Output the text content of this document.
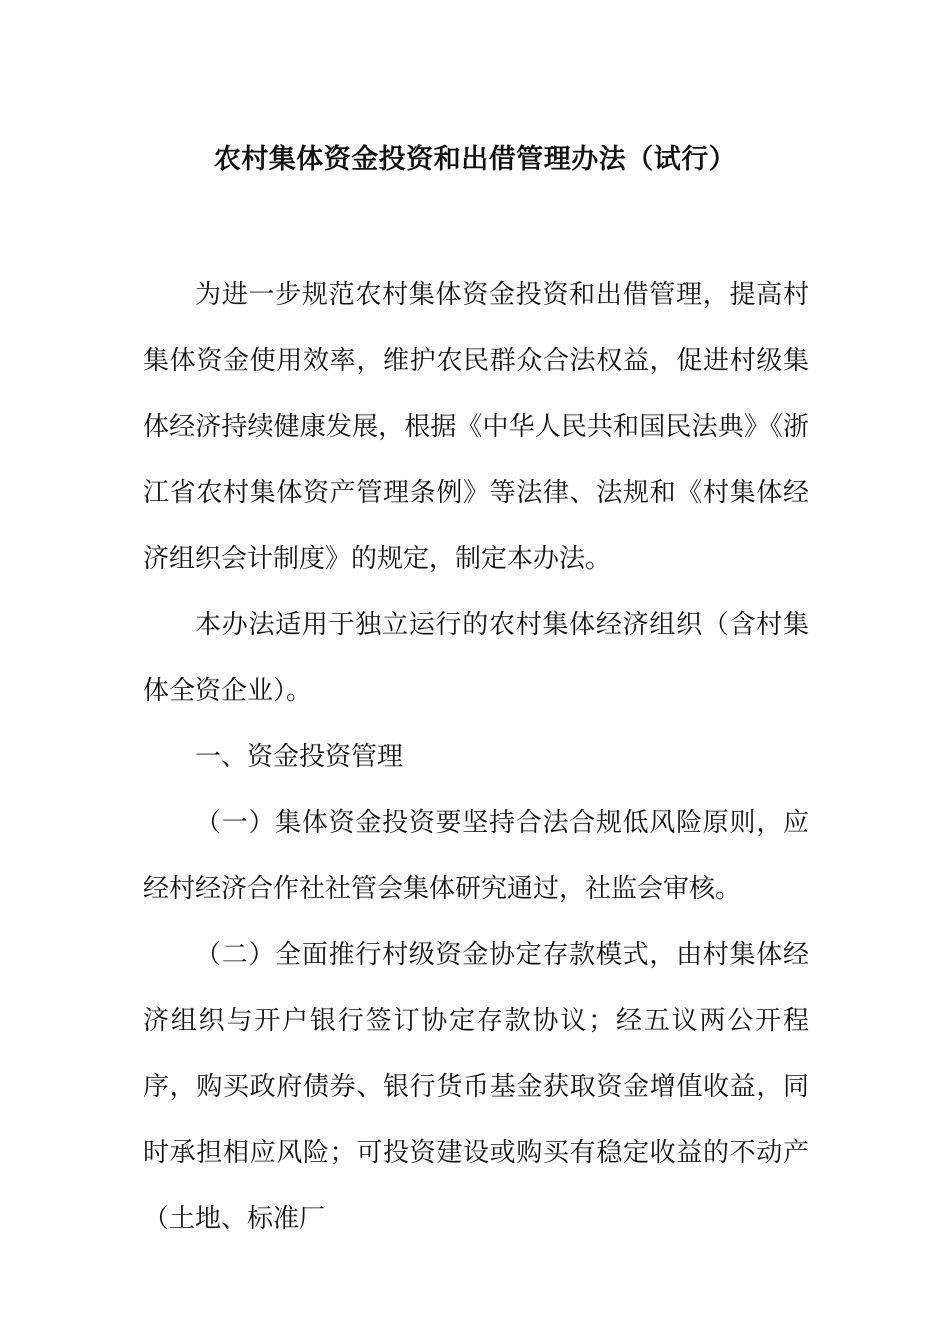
农村集体资金投资和出借管理办法（试行）

为进一步规范农村集体资金投资和出借管理，提高村集体资金使用效率，维护农民群众合法权益，促进村级集体经济持续健康发展，根据《中华人民共和国民法典》《浙江省农村集体资产管理条例》等法律、法规和《村集体经济组织会计制度》的规定，制定本办法。

本办法适用于独立运行的农村集体经济组织（含村集体全资企业）。

一、资金投资管理

（一）集体资金投资要坚持合法合规低风险原则，应经村经济合作社社管会集体研究通过，社监会审核。

（二）全面推行村级资金协定存款模式，由村集体经济组织与开户银行签订协定存款协议；经五议两公开程序，购买政府债券、银行货币基金获取资金增值收益，同时承担相应风险；可投资建设或购买有稳定收益的不动产（土地、标准厂
